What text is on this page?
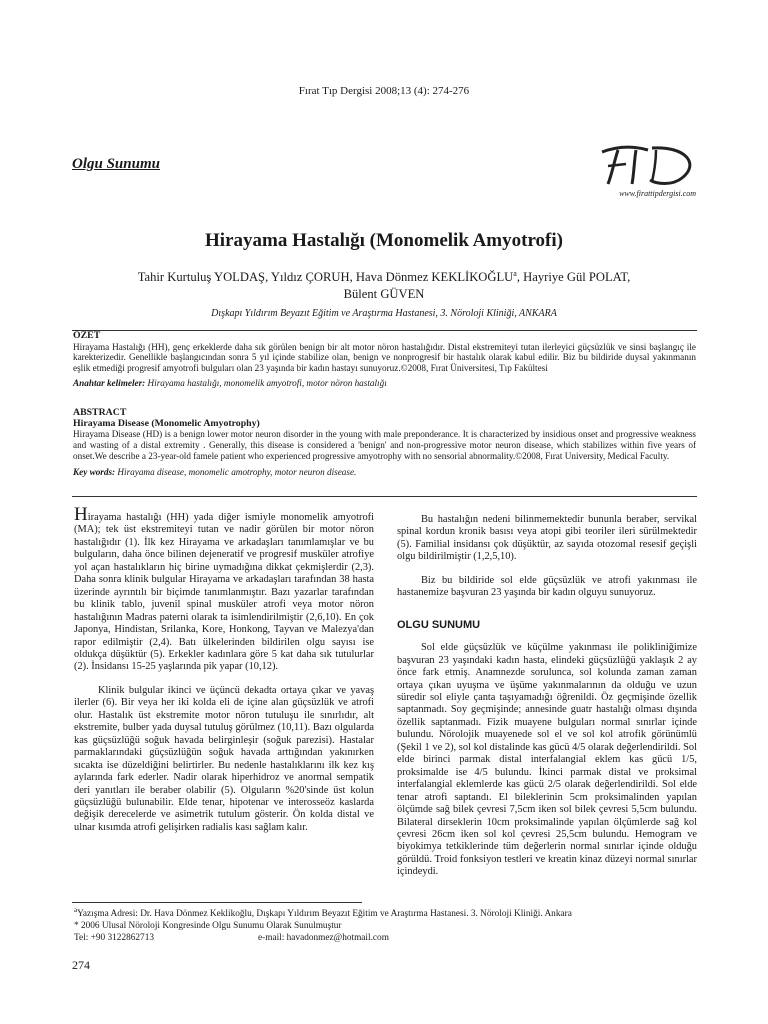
Fırat Tıp Dergisi 2008;13 (4): 274-276
Olgu Sunumu
www.firattipdergisi.com
Hirayama Hastalığı (Monomelik Amyotrofi)
Tahir Kurtuluş YOLDAŞ, Yıldız ÇORUH, Hava Dönmez KEKLİKOĞLU$^a$, Hayriye Gül POLAT,
Bülent GÜVEN
Dışkapı Yıldırım Beyazıt Eğitim ve Araştırma Hastanesi, 3. Nöroloji Kliniği, ANKARA
ÖZET
Hirayama Hastalığı (HH), genç erkeklerde daha sık görülen benign bir alt motor nöron hastalığıdır. Distal ekstremiteyi tutan ilerleyici güçsüzlük ve sinsi başlangıç ile karekterizedir. Genellikle başlangıcından sonra 5 yıl içinde stabilize olan, benign ve nonprogresif bir hastalık olarak kabul edilir. Biz bu bildiride duysal yakınmanın eşlik etmediği progresif amyotrofi bulguları olan 23 yaşında bir kadın hastayı sunuyoruz.©2008, Fırat Üniversitesi, Tıp Fakültesi
Anahtar kelimeler: Hirayama hastalığı, monomelik amyotrofi, motor nöron hastalığı
ABSTRACT
Hirayama Disease (Monomelic Amyotrophy)
Hirayama Disease (HD) is a benign lower motor neuron disorder in the young with male preponderance. It is characterized by insidious onset and progressive weakness and wasting of a distal extremity . Generally, this disease is considered a 'benign' and non-progressive motor neuron disease, which stabilizes within five years of onset.We describe a 23-year-old famele patient who experienced progressive amyotrophy with no sensorial abnormality.©2008, Fırat University, Medical Faculty.
Key words: Hirayama disease, monomelic amotrophy, motor neuron disease.

Hirayama hastalığı (HH) yada diğer ismiyle monomelik amyotrofi (MA); tek üst ekstremiteyi tutan ve nadir görülen bir motor nöron hastalığıdır (1). İlk kez Hirayama ve arkadaşları tanımlamışlar ve bu bulguların, daha önce bilinen dejeneratif ve progresif musküler atrofiye yol açan hastalıkların hiç birine uymadığına dikkat çekmişlerdir (2,3). Daha sonra klinik bulgular Hirayama ve arkadaşları tarafından 38 hasta üzerinde ayrıntılı bir biçimde tanımlanmıştır. Bazı yazarlar tarafından bu klinik tablo, juvenil spinal musküler atrofi veya motor nöron hastalığının Madras paterni olarak ta isimlendirilmiştir (2,6,10). En çok Japonya, Hindistan, Srilanka, Kore, Honkong, Tayvan ve Malezya'dan rapor edilmiştir (2,4). Batı ülkelerinden bildirilen olgu sayısı ise oldukça düşüktür (5). Erkekler kadınlara göre 5 kat daha sık tutulurlar (2). İnsidansı 15-25 yaşlarında pik yapar (10,12).

Klinik bulgular ikinci ve üçüncü dekadta ortaya çıkar ve yavaş ilerler (6). Bir veya her iki kolda eli de içine alan güçsüzlük ve atrofi olur. Hastalık üst ekstremite motor nöron tutuluşu ile sınırlıdır, alt ekstremite, bulber yada duysal tutuluş görülmez (10,11). Bazı olgularda kas güçsüzlüğü soğuk havada belirginleşir (soğuk parezisi). Hastalar parmaklarındaki güçsüzlüğün soğuk havada arttığından yakınırken sıcakta ise düzeldiğini belirtirler. Bu nedenle hastalıklarını ilk kez kış aylarında fark ederler. Nadir olarak hiperhidroz ve anormal sempatik deri yanıtları ile beraber olabilir (5). Olguların %20'sinde üst kolun güçsüzlüğü bulunabilir. Elde tenar, hipotenar ve interosseöz kaslarda değişik derecelerde ve asimetrik tutulum gösterir. Ön kolda distal ve ulnar kısımda atrofi gelişirken radialis kası sağlam kalır.

Bu hastalığın nedeni bilinmemektedir bununla beraber, servikal spinal kordun kronik basısı veya atopi gibi teoriler ileri sürülmektedir (5). Familial insidansı çok düşüktür, az sayıda otozomal resesif geçişli olgu bildirilmiştir (1,2,5,10).

Biz bu bildiride sol elde güçsüzlük ve atrofi yakınması ile hastanemize başvuran 23 yaşında bir kadın olguyu sunuyoruz.

OLGU SUNUMU

Sol elde güçsüzlük ve küçülme yakınması ile polikliniğimize başvuran 23 yaşındaki kadın hasta, elindeki güçsüzlüğü yaklaşık 2 ay önce fark etmiş. Anamnezde sorulunca, sol kolunda zaman zaman ortaya çıkan uyuşma ve üşüme yakınmalarının da olduğu ve uzun süredir sol eliyle çanta taşıyamadığı öğrenildi. Öz geçmişinde özellik saptanmadı. Soy geçmişinde; annesinde guatr hastalığı olması dışında özellik saptanmadı. Fizik muayene bulguları normal sınırlar içinde bulundu. Nörolojik muayenede sol el ve sol kol atrofik görünümlü (Şekil 1 ve 2), sol kol distalinde kas gücü 4/5 olarak değerlendirildi. Sol elde birinci parmak distal interfalangial eklem kas gücü 1/5, proksimalde ise 4/5 bulundu. İkinci parmak distal ve proksimal interfalangial eklemlerde kas gücü 2/5 olarak değerlendirildi. Sol elde tenar atrofi saptandı. El bileklerinin 5cm proksimalinden yapılan ölçümde sağ bilek çevresi 7,5cm iken sol bilek çevresi 5,5cm bulundu. Bilateral dirseklerin 10cm proksimalinde yapılan ölçümlerde sağ kol çevresi 26cm iken sol kol çevresi 25,5cm bulundu. Hemogram ve biyokimya tetkiklerinde tüm değerlerin normal sınırlar içinde olduğu görüldü. Troid fonksiyon testleri ve kreatin kinaz düzeyi normal sınırlar içindeydi.

$^a$Yazışma Adresi: Dr. Hava Dönmez Keklikoğlu, Dışkapı Yıldırım Beyazıt Eğitim ve Araştırma Hastanesi. 3. Nöroloji Kliniği. Ankara
* 2006 Ulusal Nöroloji Kongresinde Olgu Sunumu Olarak Sunulmuştur
Tel: +90 3122862713	e-mail: havadonmez@hotmail.com
274
